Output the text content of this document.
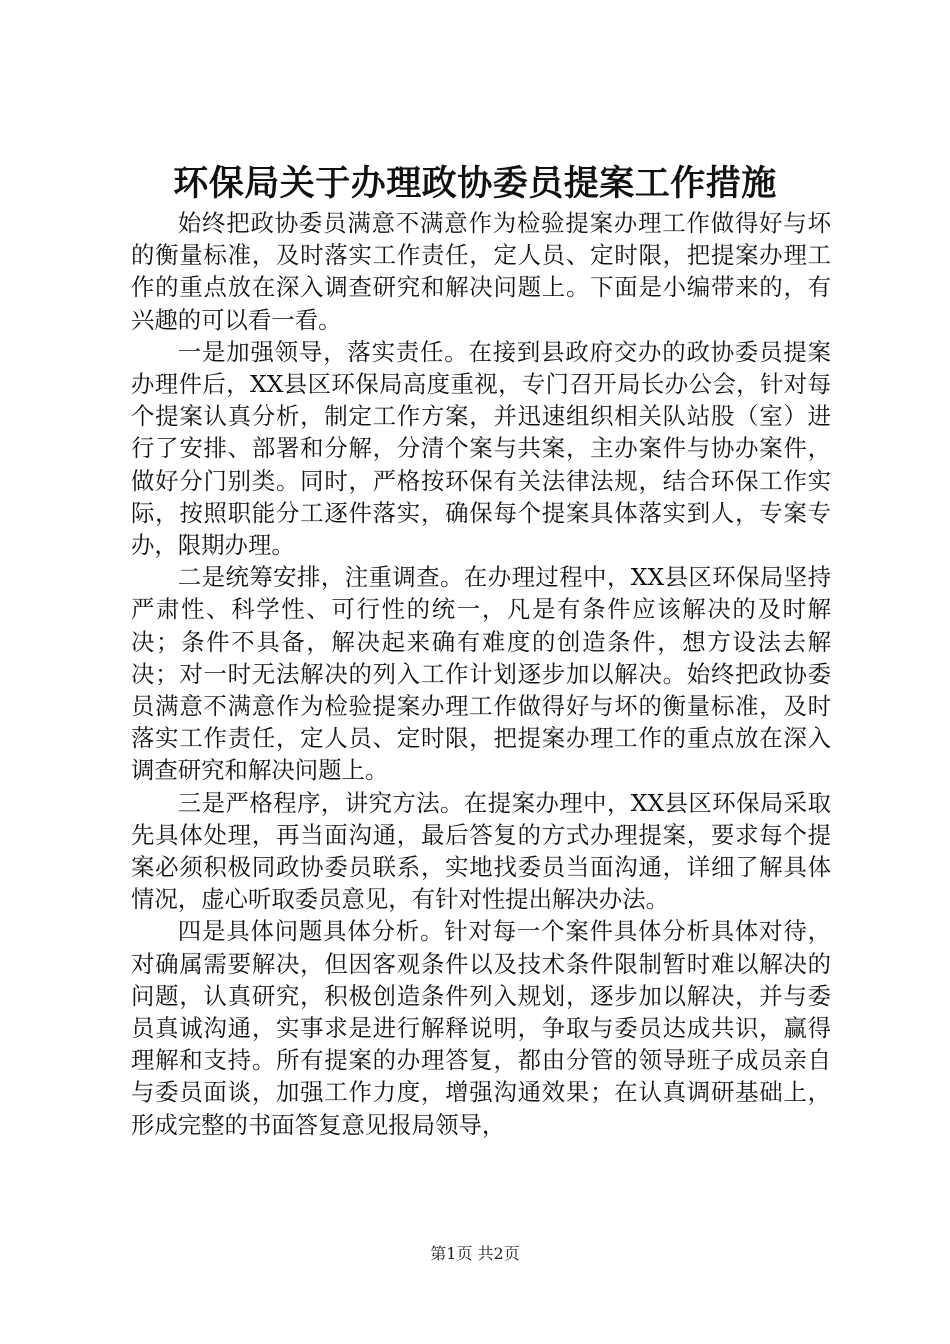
环保局关于办理政协委员提案工作措施

始终把政协委员满意不满意作为检验提案办理工作做得好与坏的衡量标准，及时落实工作责任，定人员、定时限，把提案办理工作的重点放在深入调查研究和解决问题上。下面是小编带来的，有兴趣的可以看一看。

一是加强领导，落实责任。在接到县政府交办的政协委员提案办理件后，XX县区环保局高度重视，专门召开局长办公会，针对每个提案认真分析，制定工作方案，并迅速组织相关队站股（室）进行了安排、部署和分解，分清个案与共案，主办案件与协办案件，做好分门别类。同时，严格按环保有关法律法规，结合环保工作实际，按照职能分工逐件落实，确保每个提案具体落实到人，专案专办，限期办理。

二是统筹安排，注重调查。在办理过程中，XX县区环保局坚持严肃性、科学性、可行性的统一，凡是有条件应该解决的及时解决；条件不具备，解决起来确有难度的创造条件，想方设法去解决；对一时无法解决的列入工作计划逐步加以解决。始终把政协委员满意不满意作为检验提案办理工作做得好与坏的衡量标准，及时落实工作责任，定人员、定时限，把提案办理工作的重点放在深入调查研究和解决问题上。

三是严格程序，讲究方法。在提案办理中，XX县区环保局采取先具体处理，再当面沟通，最后答复的方式办理提案，要求每个提案必须积极同政协委员联系，实地找委员当面沟通，详细了解具体情况，虚心听取委员意见，有针对性提出解决办法。

四是具体问题具体分析。针对每一个案件具体分析具体对待，对确属需要解决，但因客观条件以及技术条件限制暂时难以解决的问题，认真研究，积极创造条件列入规划，逐步加以解决，并与委员真诚沟通，实事求是进行解释说明，争取与委员达成共识，赢得理解和支持。所有提案的办理答复，都由分管的领导班子成员亲自与委员面谈，加强工作力度，增强沟通效果；在认真调研基础上，形成完整的书面答复意见报局领导，

第1页 共2页
